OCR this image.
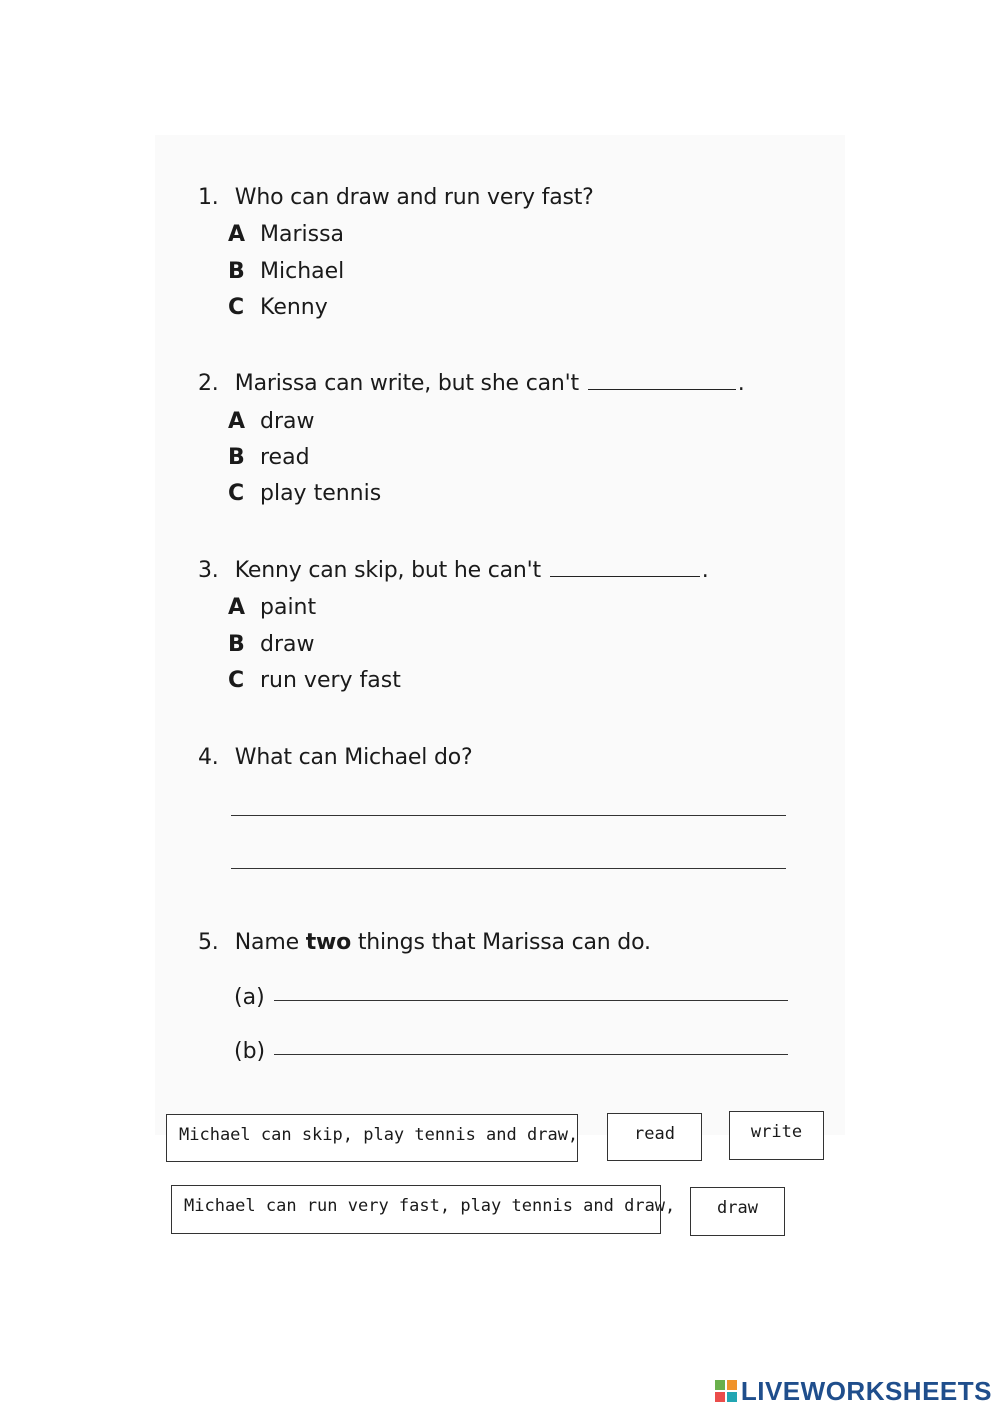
1. Who can draw and run very fast?
A Marissa
B Michael
C Kenny
2. Marissa can write, but she can't	.
A draw
B read
C play tennis
3. Kenny can skip, but he can't	.
A paint
B draw
C run very fast
4. What can Michael do?
5. Name two things that Marissa can do.
(a)
(b)
Michael can skip, play tennis and draw,	read	write
Michael can run very fast, play tennis and draw,	draw
LIVEWORKSHEETS
